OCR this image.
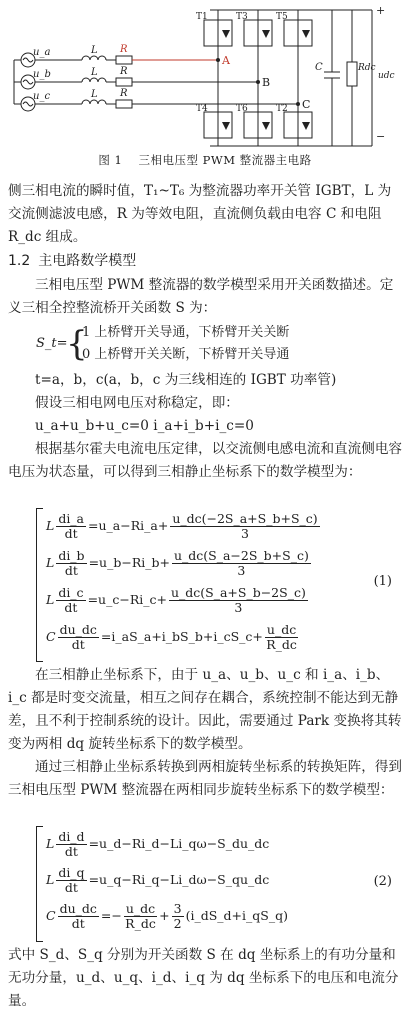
u_a
u_b
u_c
L
L
L
R
R
R
T1	T3	T5
T4	T6	T2
A
B
C
C	Rdc
udc
+
−
图 1 三相电压型 PWM 整流器主电路

侧三相电流的瞬时值，T₁~T₆ 为整流器功率开关管 IGBT，L 为交流侧滤波电感，R 为等效电阻，直流侧负载由电容 C 和电阻 R_dc 组成。

1.2 主电路数学模型

三相电压型 PWM 整流器的数学模型采用开关函数描述。定义三相全控整流桥开关函数 S 为：

S_t=
{
1 上桥臂开关导通，下桥臂开关关断
0 上桥臂开关关断，下桥臂开关导通

t=a，b，c(a，b，c 为三线相连的 IGBT 功率管)

假设三相电网电压对称稳定，即：

u_a+u_b+u_c=0 i_a+i_b+i_c=0

根据基尔霍夫电流电压定律，以交流侧电感电流和直流侧电容电压为状态量，可以得到三相静止坐标系下的数学模型为：

L $\frac{di\_a}{dt}$ =u_a−Ri_a+ $\frac{u\_dc(-2S\_a+S\_b+S\_c)}{3}$
L $\frac{di\_b}{dt}$ =u_b−Ri_b+ $\frac{u\_dc(S\_a-2S\_b+S\_c)}{3}$
L $\frac{di\_c}{dt}$ =u_c−Ri_c+ $\frac{u\_dc(S\_a+S\_b-2S\_c)}{3}$
C $\frac{du\_dc}{dt}$ =i_aS_a+i_bS_b+i_cS_c+ $\frac{u\_dc}{R\_dc}$
(1)

在三相静止坐标系下，由于 u_a、u_b、u_c 和 i_a、i_b、i_c 都是时变交流量，相互之间存在耦合，系统控制不能达到无静差，且不利于控制系统的设计。因此，需要通过 Park 变换将其转变为两相 dq 旋转坐标系下的数学模型。

通过三相静止坐标系转换到两相旋转坐标系的转换矩阵，得到三相电压型 PWM 整流器在两相同步旋转坐标系下的数学模型：

L $\frac{di\_d}{dt}$ =u_d−Ri_d−Li_qω−S_du_dc
L $\frac{di\_q}{dt}$ =u_q−Ri_q−Li_dω−S_qu_dc
C $\frac{du\_dc}{dt} =- \frac{u\_dc}{R\_dc} + \frac{3}{2}$ (i_dS_d+i_qS_q)
(2)

式中 S_d、S_q 分别为开关函数 S 在 dq 坐标系上的有功分量和无功分量，u_d、u_q、i_d、i_q 为 dq 坐标系下的电压和电流分量。
